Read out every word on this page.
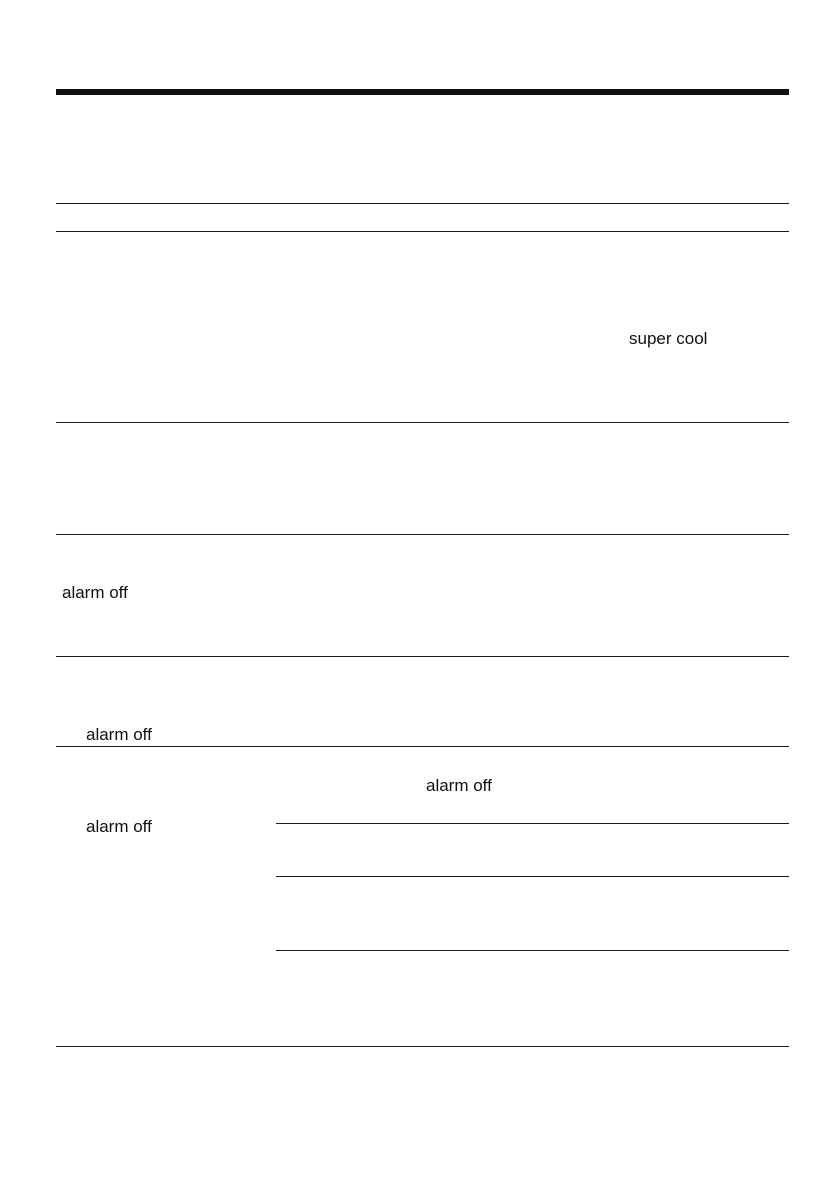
super cool
alarm off
alarm off
alarm off
alarm off
